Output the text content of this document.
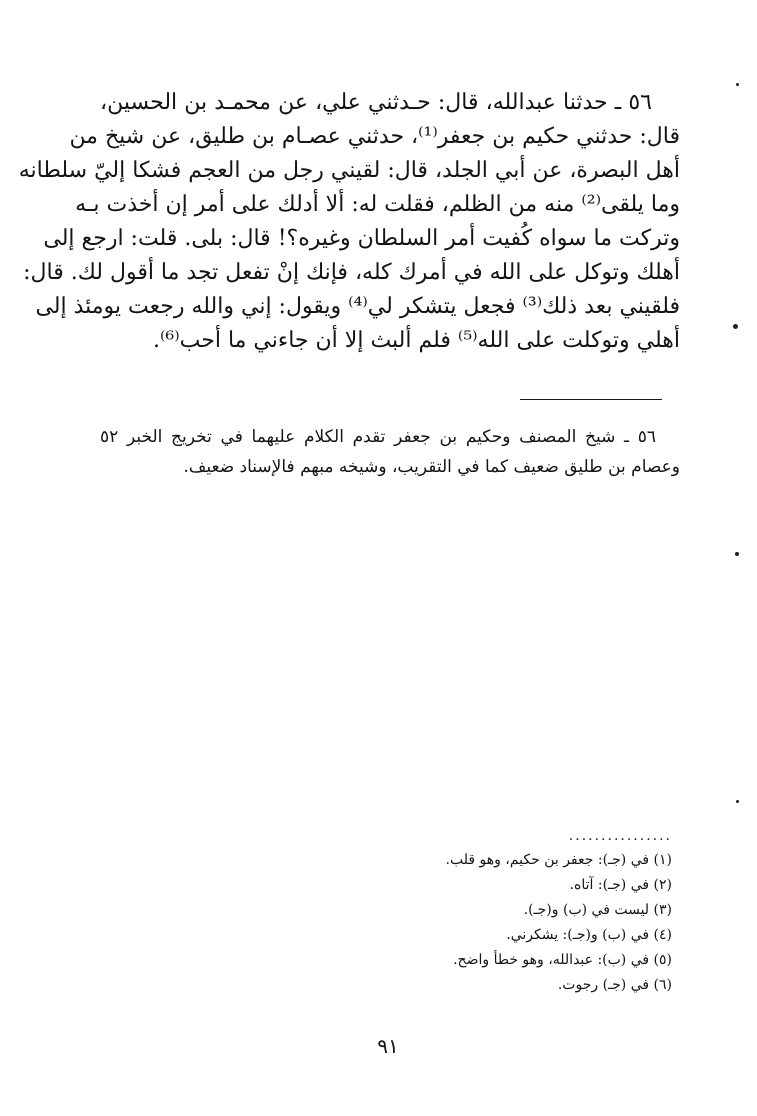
٥٦ ـ حدثنا عبدالله، قال: حـدثني علي، عن محمـد بن الحسين،
قال: حدثني حكيم بن جعفر⁽¹⁾، حدثني عصـام بن طليق، عن شيخ من
أهل البصرة، عن أبي الجلد، قال: لقيني رجل من العجم فشكا إليّ سلطانه
وما يلقى⁽²⁾ منه من الظلم، فقلت له: ألا أدلك على أمر إن أخذت بـه
وتركت ما سواه كُفيت أمر السلطان وغيره؟! قال: بلى. قلت: ارجع إلى
أهلك وتوكل على الله في أمرك كله، فإنك إنْ تفعل تجد ما أقول لك. قال:
فلقيني بعد ذلك⁽³⁾ فجعل يتشكر لي⁽⁴⁾ ويقول: إني والله رجعت يومئذ إلى
أهلي وتوكلت على الله⁽⁵⁾ فلم ألبث إلا أن جاءني ما أحب⁽⁶⁾.
٥٦ ـ شيخ المصنف وحكيم بن جعفر تقدم الكلام عليهما في تخريج الخبر ٥٢
وعصام بن طليق ضعيف كما في التقريب، وشيخه مبهم فالإسناد ضعيف.
................
(١) في (جـ): جعفر بن حكيم، وهو قلب.
(٢) في (جـ): آتاه.
(٣) ليست في (ب) و(جـ).
(٤) في (ب) و(جـ): يشكرني.
(٥) في (ب): عبدالله، وهو خطأ واضح.
(٦) في (جـ) رجوت.
٩١
